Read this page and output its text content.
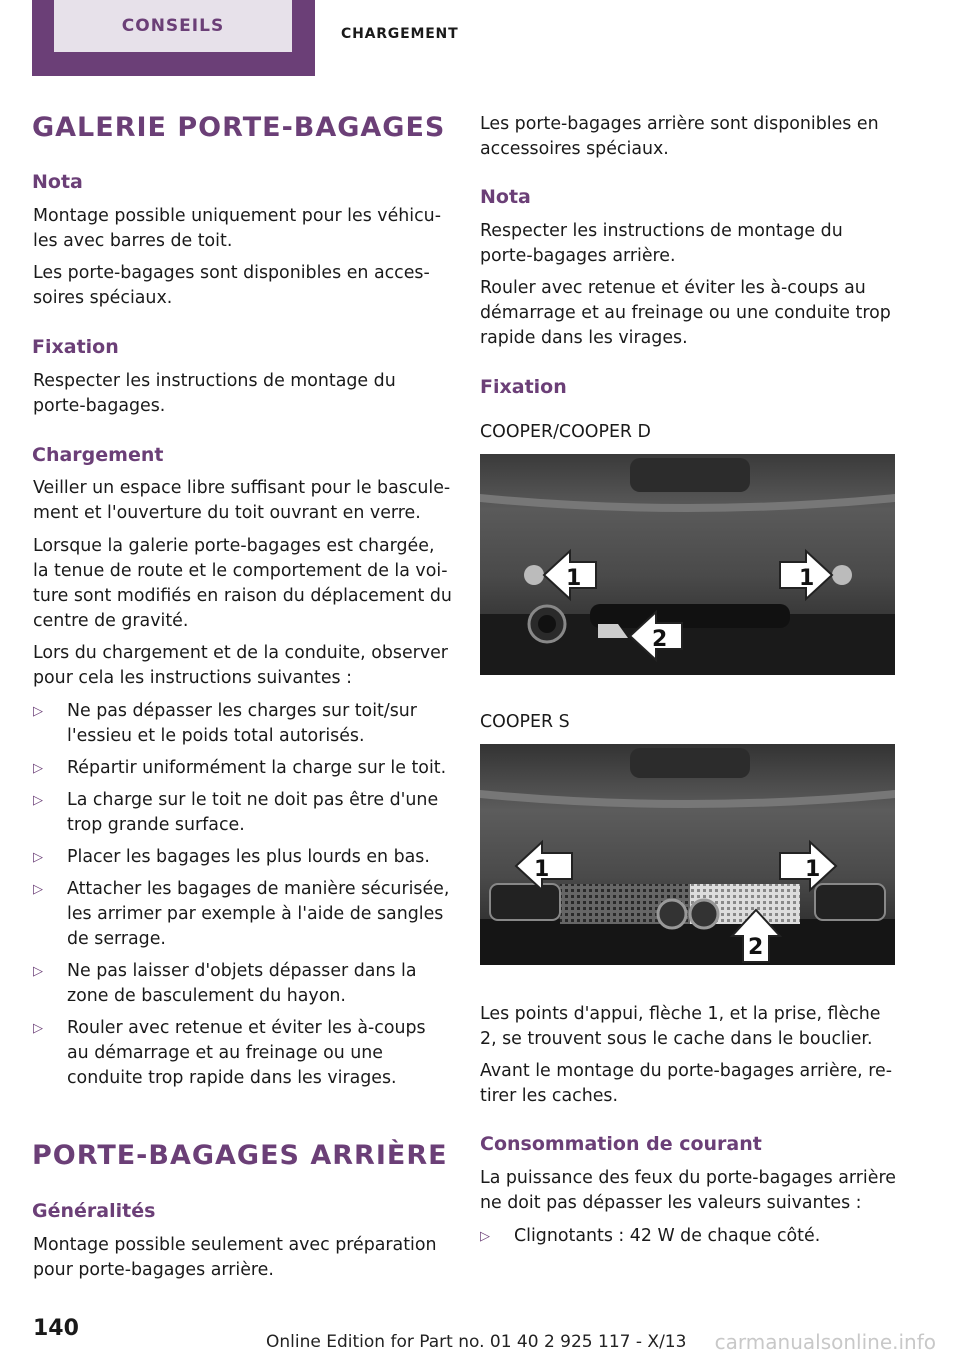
CONSEILS	CHARGEMENT
GALERIE PORTE-BAGAGES
Nota
Montage possible uniquement pour les véhicu‐les avec barres de toit.
Les porte-bagages sont disponibles en acces‐soires spéciaux.
Fixation
Respecter les instructions de montage du porte-bagages.
Chargement
Veiller un espace libre suffisant pour le bascule‐ment et l'ouverture du toit ouvrant en verre.
Lorsque la galerie porte-bagages est chargée, la tenue de route et le comportement de la voi‐ture sont modifiés en raison du déplacement du centre de gravité.
Lors du chargement et de la conduite, observer pour cela les instructions suivantes :
▷ Ne pas dépasser les charges sur toit/sur l'essieu et le poids total autorisés.
▷ Répartir uniformément la charge sur le toit.
▷ La charge sur le toit ne doit pas être d'une trop grande surface.
▷ Placer les bagages les plus lourds en bas.
▷ Attacher les bagages de manière sécurisée, les arrimer par exemple à l'aide de sangles de serrage.
▷ Ne pas laisser d'objets dépasser dans la zone de basculement du hayon.
▷ Rouler avec retenue et éviter les à-coups au démarrage et au freinage ou une conduite trop rapide dans les virages.
PORTE-BAGAGES ARRIÈRE
Généralités
Montage possible seulement avec préparation pour porte-bagages arrière.
Les porte-bagages arrière sont disponibles en accessoires spéciaux.
Nota
Respecter les instructions de montage du porte-bagages arrière.
Rouler avec retenue et éviter les à-coups au démarrage et au freinage ou une conduite trop rapide dans les virages.
Fixation
COOPER/COOPER D
1	1
2
COOPER S
1	1
2
Les points d'appui, flèche 1, et la prise, flèche 2, se trouvent sous le cache dans le bouclier.
Avant le montage du porte-bagages arrière, re‐tirer les caches.
Consommation de courant
La puissance des feux du porte-bagages arrière ne doit pas dépasser les valeurs suivantes :
▷ Clignotants : 42 W de chaque côté.
140
Online Edition for Part no. 01 40 2 925 117 - X/13 carmanualsonline.info
